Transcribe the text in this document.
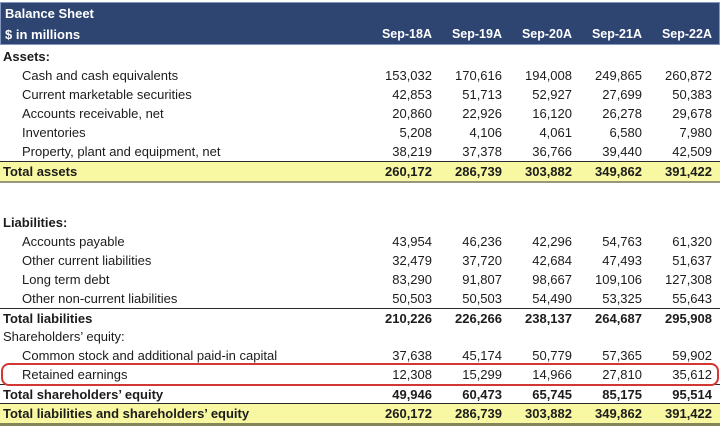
Balance Sheet
$ in millions	Sep-18A	Sep-19A	Sep-20A	Sep-21A	Sep-22A
Assets:
Cash and cash equivalents	153,032	170,616	194,008	249,865	260,872
Current marketable securities	42,853	51,713	52,927	27,699	50,383
Accounts receivable, net	20,860	22,926	16,120	26,278	29,678
Inventories	5,208	4,106	4,061	6,580	7,980
Property, plant and equipment, net	38,219	37,378	36,766	39,440	42,509
Total assets	260,172	286,739	303,882	349,862	391,422
Liabilities:
Accounts payable	43,954	46,236	42,296	54,763	61,320
Other current liabilities	32,479	37,720	42,684	47,493	51,637
Long term debt	83,290	91,807	98,667	109,106	127,308
Other non-current liabilities	50,503	50,503	54,490	53,325	55,643
Total liabilities	210,226	226,266	238,137	264,687	295,908
Shareholders’ equity:
Common stock and additional paid-in capital	37,638	45,174	50,779	57,365	59,902
Retained earnings	12,308	15,299	14,966	27,810	35,612
Total shareholders’ equity	49,946	60,473	65,745	85,175	95,514
Total liabilities and shareholders’ equity	260,172	286,739	303,882	349,862	391,422
